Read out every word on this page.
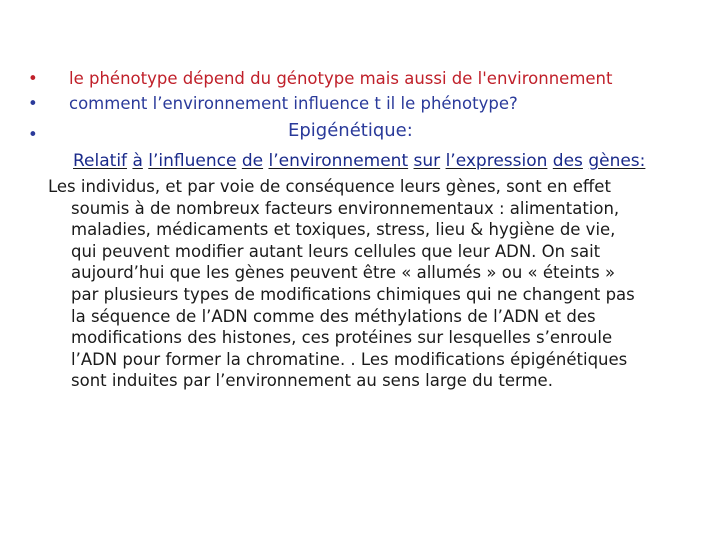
• le phénotype dépend du génotype mais aussi de l'environnement
• comment l’environnement influence t il le phénotype?
•	Epigénétique:
Relatif à l’influence de l’environnement sur l’expression des gènes:
Les individus, et par voie de conséquence leurs gènes, sont en effet
soumis à de nombreux facteurs environnementaux : alimentation,
maladies, médicaments et toxiques, stress, lieu & hygiène de vie,
qui peuvent modifier autant leurs cellules que leur ADN. On sait
aujourd’hui que les gènes peuvent être « allumés » ou « éteints »
par plusieurs types de modifications chimiques qui ne changent pas
la séquence de l’ADN comme des méthylations de l’ADN et des
modifications des histones, ces protéines sur lesquelles s’enroule
l’ADN pour former la chromatine. . Les modifications épigénétiques
sont induites par l’environnement au sens large du terme.
